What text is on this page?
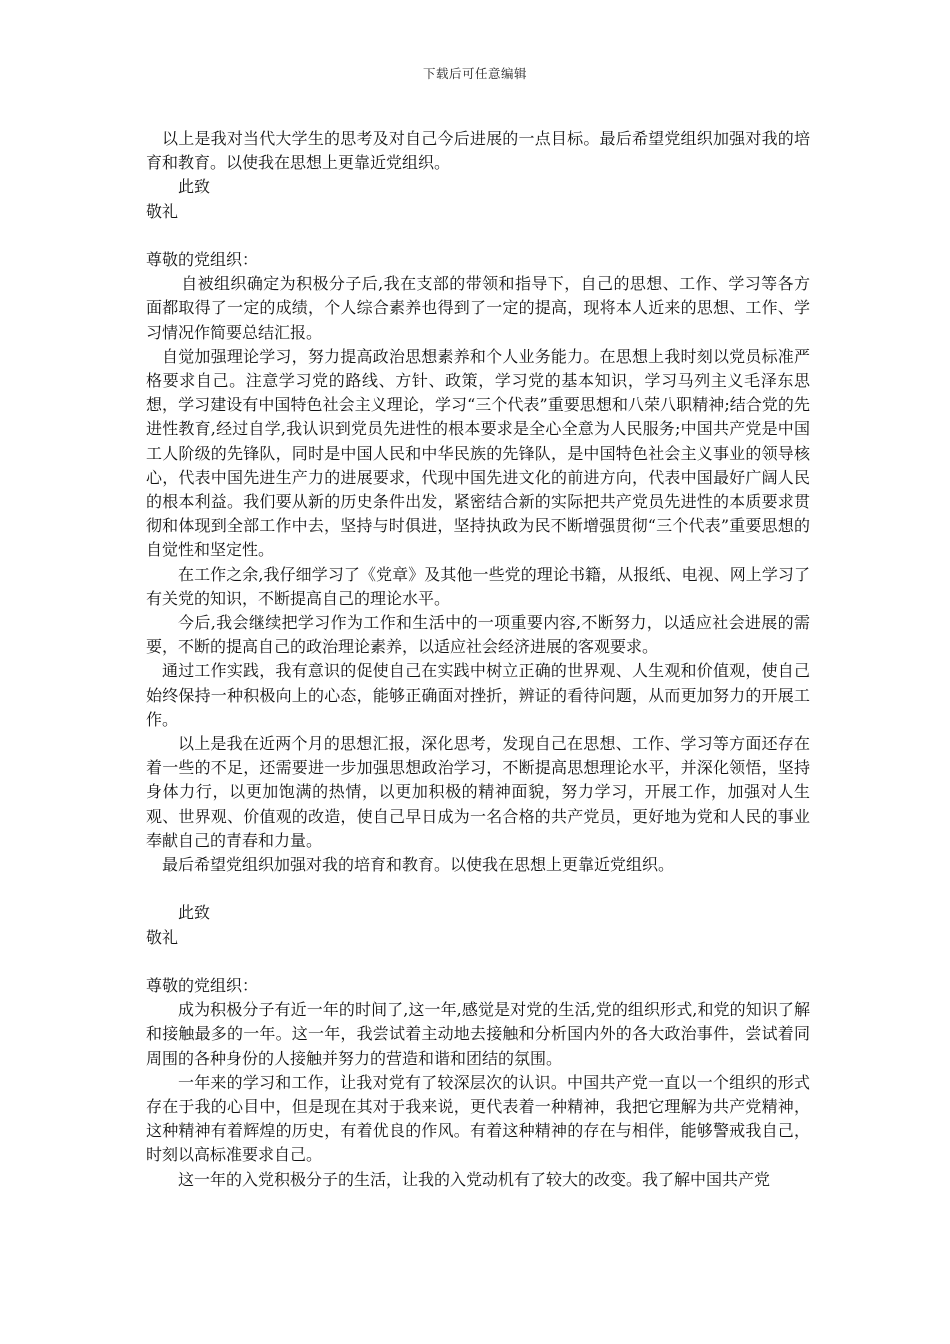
下载后可任意编辑

以上是我对当代大学生的思考及对自己今后进展的一点目标。最后希望党组织加强对我的培育和教育。以使我在思想上更靠近党组织。

此致

敬礼

尊敬的党组织：

自被组织确定为积极分子后,我在支部的带领和指导下，自己的思想、工作、学习等各方面都取得了一定的成绩，个人综合素养也得到了一定的提高，现将本人近来的思想、工作、学习情况作简要总结汇报。

自觉加强理论学习，努力提高政治思想素养和个人业务能力。在思想上我时刻以党员标准严格要求自己。注意学习党的路线、方针、政策，学习党的基本知识，学习马列主义毛泽东思想，学习建设有中国特色社会主义理论，学习“三个代表”重要思想和八荣八职精神;结合党的先进性教育,经过自学,我认识到党员先进性的根本要求是全心全意为人民服务;中国共产党是中国工人阶级的先锋队，同时是中国人民和中华民族的先锋队，是中国特色社会主义事业的领导核心，代表中国先进生产力的进展要求，代现中国先进文化的前进方向，代表中国最好广阔人民的根本利益。我们要从新的历史条件出发，紧密结合新的实际把共产党员先进性的本质要求贯彻和体现到全部工作中去，坚持与时俱进，坚持执政为民不断增强贯彻“三个代表”重要思想的自觉性和坚定性。

在工作之余,我仔细学习了《党章》及其他一些党的理论书籍，从报纸、电视、网上学习了有关党的知识，不断提高自己的理论水平。

今后,我会继续把学习作为工作和生活中的一项重要内容,不断努力，以适应社会进展的需要，不断的提高自己的政治理论素养，以适应社会经济进展的客观要求。

通过工作实践，我有意识的促使自己在实践中树立正确的世界观、人生观和价值观，使自己始终保持一种积极向上的心态，能够正确面对挫折，辨证的看待问题，从而更加努力的开展工作。

以上是我在近两个月的思想汇报，深化思考，发现自己在思想、工作、学习等方面还存在着一些的不足，还需要进一步加强思想政治学习，不断提高思想理论水平，并深化领悟，坚持身体力行，以更加饱满的热情，以更加积极的精神面貌，努力学习，开展工作，加强对人生观、世界观、价值观的改造，使自己早日成为一名合格的共产党员，更好地为党和人民的事业奉献自己的青春和力量。

最后希望党组织加强对我的培育和教育。以使我在思想上更靠近党组织。

此致

敬礼

尊敬的党组织：

成为积极分子有近一年的时间了,这一年,感觉是对党的生活,党的组织形式,和党的知识了解和接触最多的一年。这一年，我尝试着主动地去接触和分析国内外的各大政治事件，尝试着同周围的各种身份的人接触并努力的营造和谐和团结的氛围。

一年来的学习和工作，让我对党有了较深层次的认识。中国共产党一直以一个组织的形式存在于我的心目中，但是现在其对于我来说，更代表着一种精神，我把它理解为共产党精神，这种精神有着辉煌的历史，有着优良的作风。有着这种精神的存在与相伴，能够警戒我自己，时刻以高标准要求自己。

这一年的入党积极分子的生活，让我的入党动机有了较大的改变。我了解中国共产党
